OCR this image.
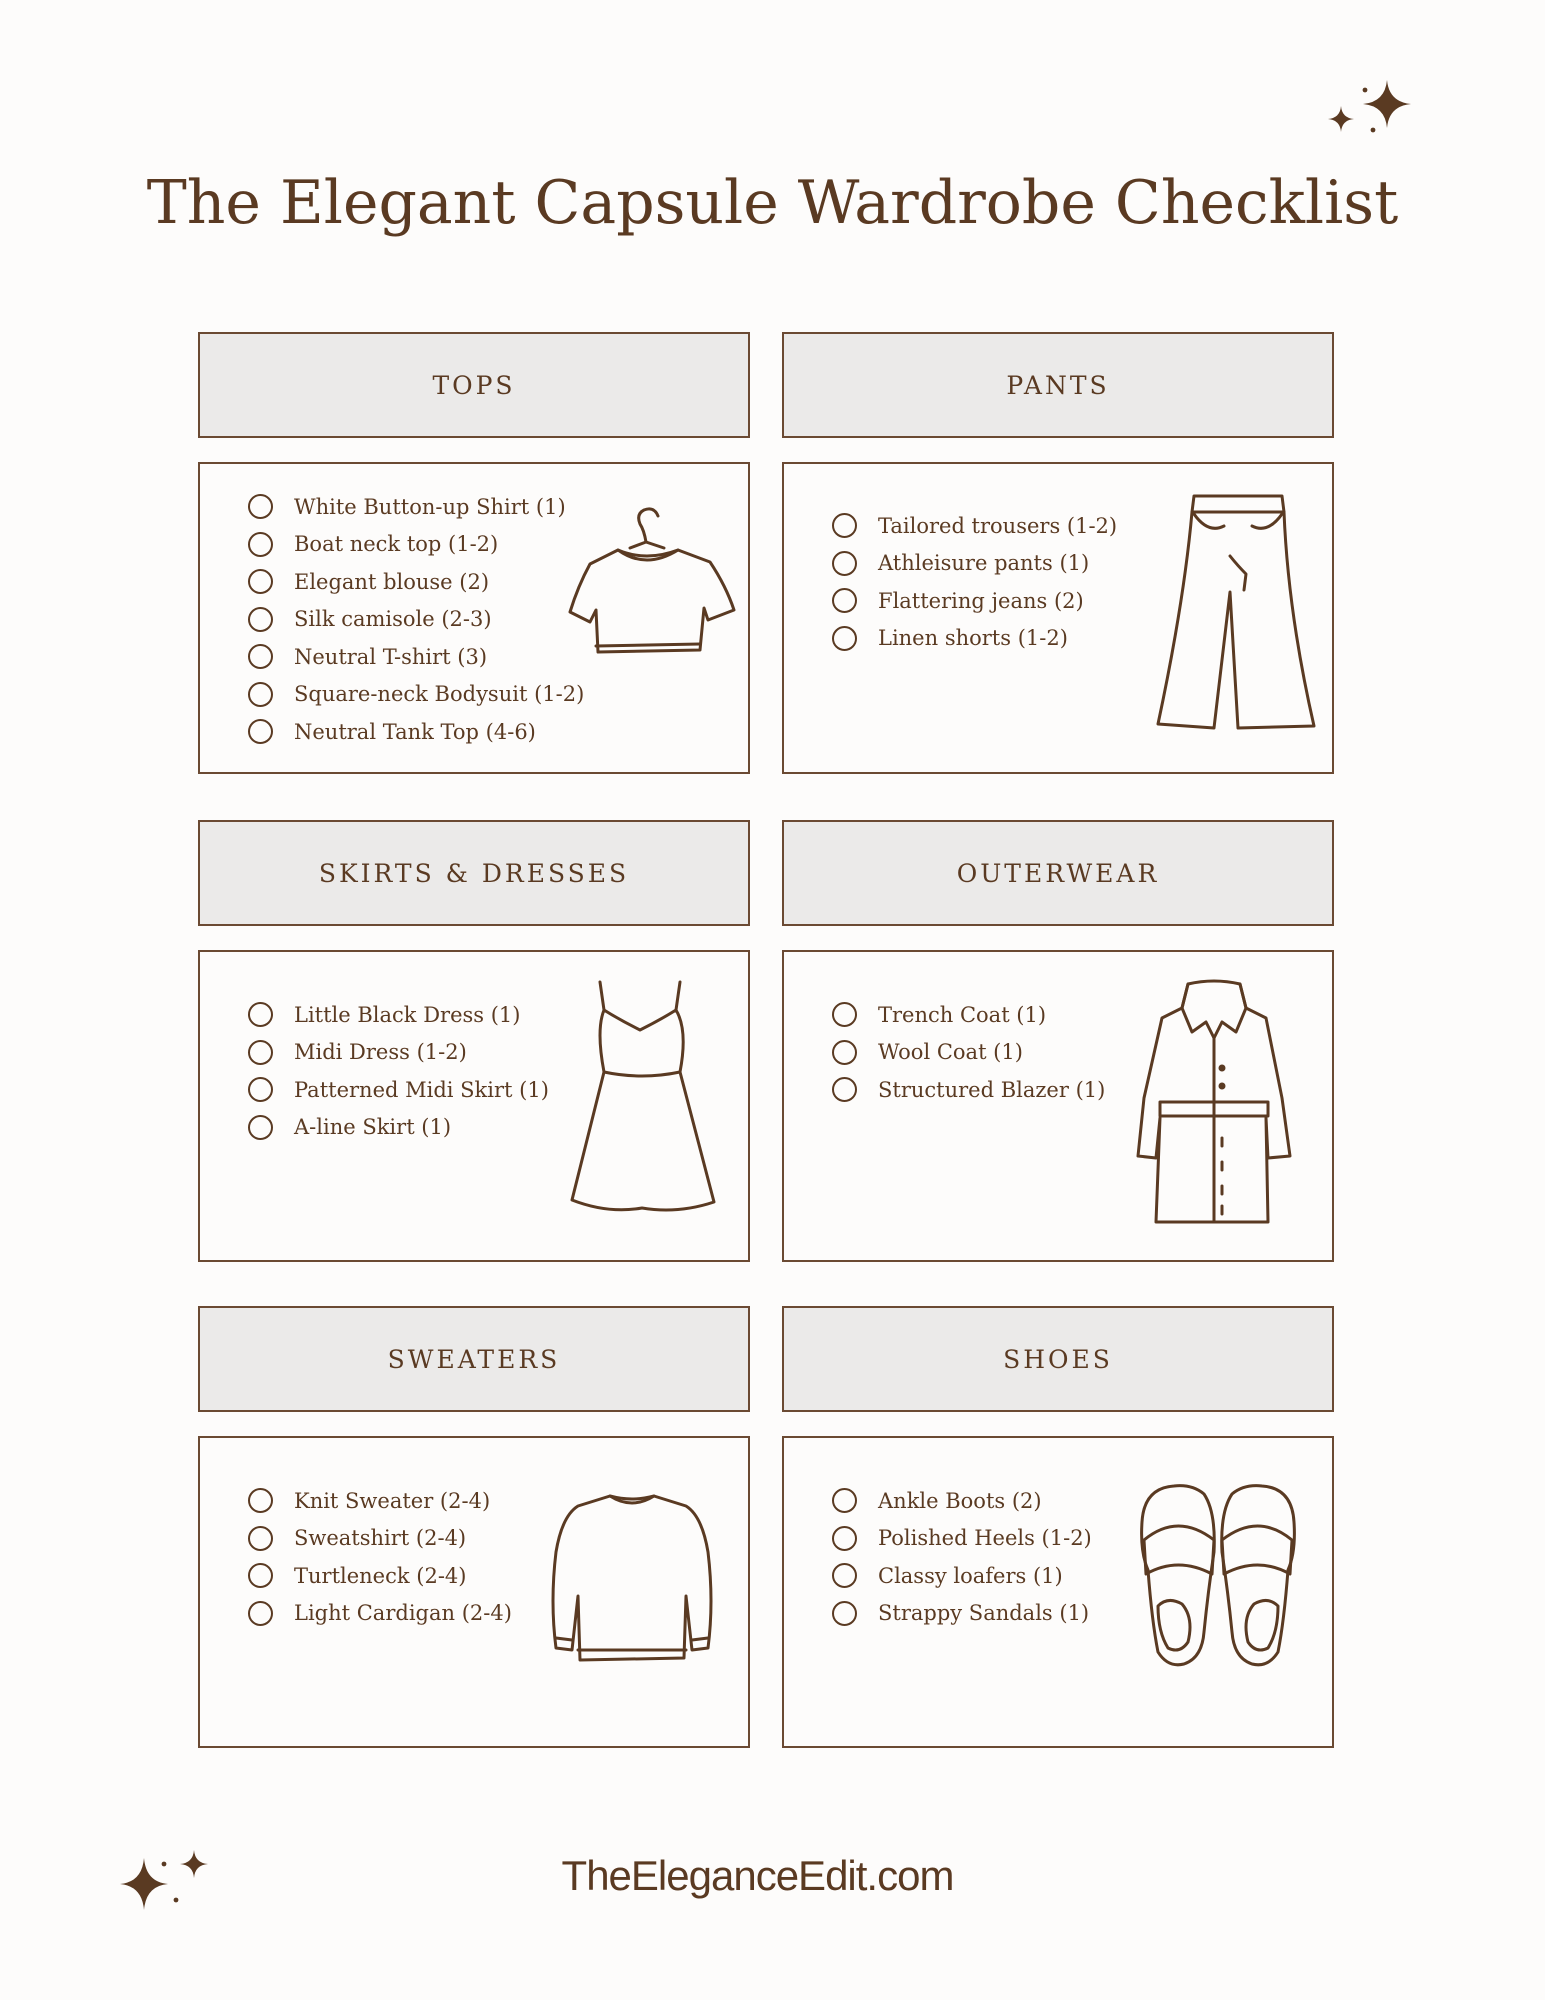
The Elegant Capsule Wardrobe Checklist
TOPS
White Button-up Shirt (1)
Boat neck top (1-2)
Elegant blouse (2)
Silk camisole (2-3)
Neutral T-shirt (3)
Square-neck Bodysuit (1-2)
Neutral Tank Top (4-6)
PANTS
Tailored trousers (1-2)
Athleisure pants (1)
Flattering jeans (2)
Linen shorts (1-2)
SKIRTS & DRESSES
Little Black Dress (1)
Midi Dress (1-2)
Patterned Midi Skirt (1)
A-line Skirt (1)
OUTERWEAR
Trench Coat (1)
Wool Coat (1)
Structured Blazer (1)
SWEATERS
Knit Sweater (2-4)
Sweatshirt (2-4)
Turtleneck (2-4)
Light Cardigan (2-4)
SHOES
Ankle Boots (2)
Polished Heels (1-2)
Classy loafers (1)
Strappy Sandals (1)
TheEleganceEdit.com
